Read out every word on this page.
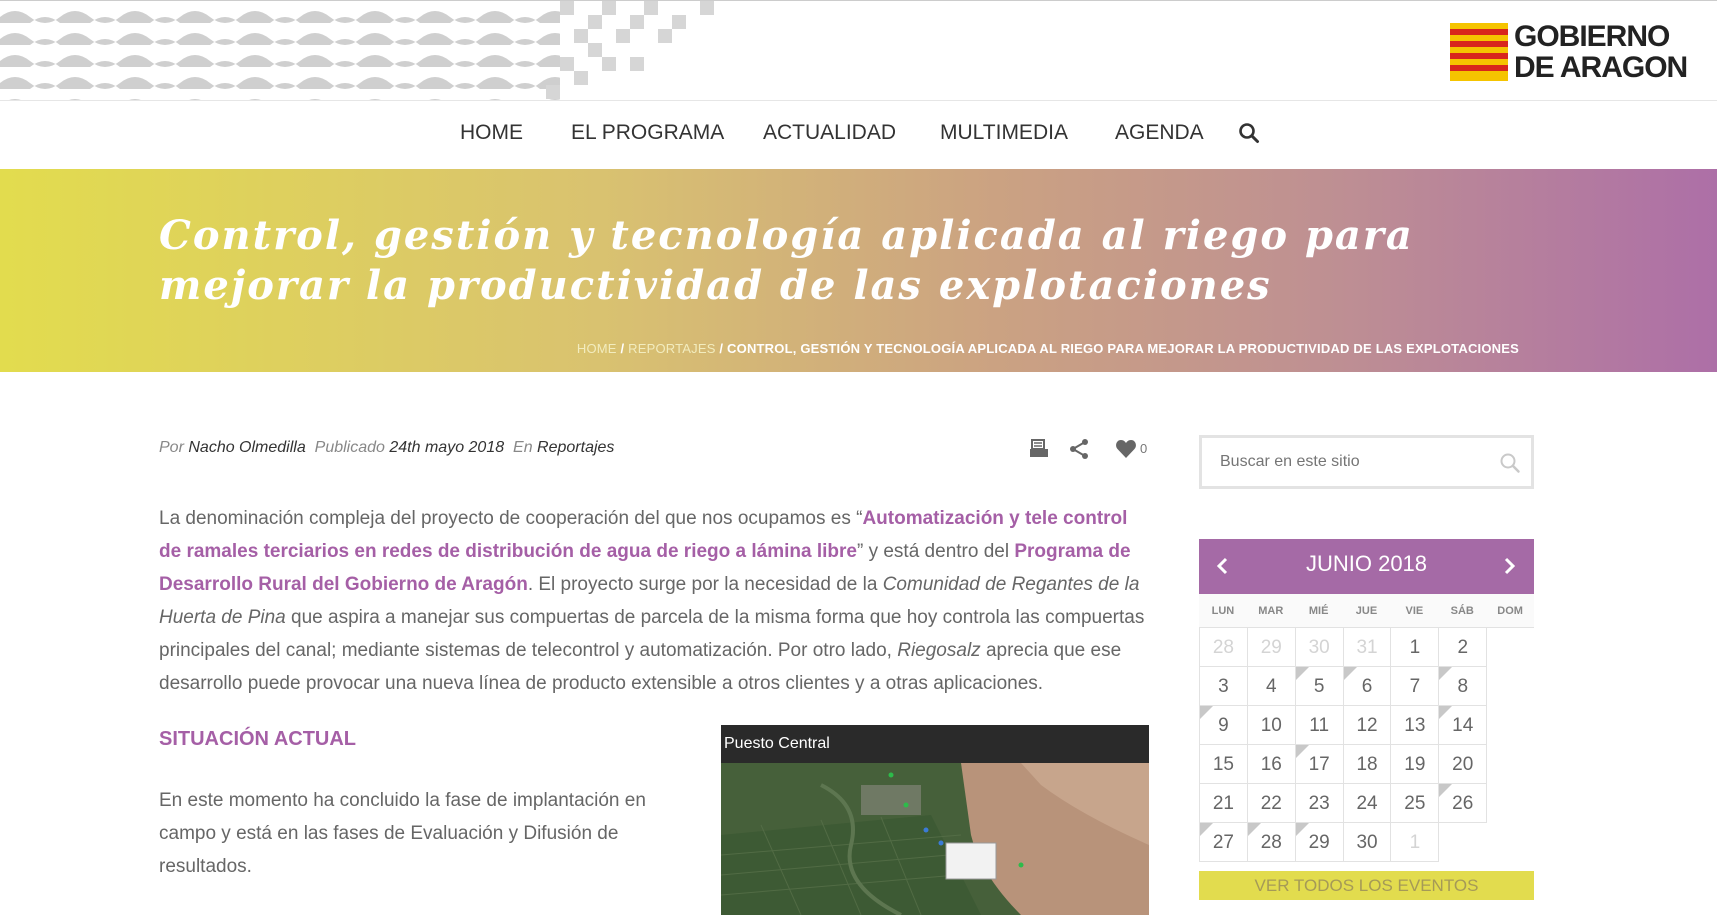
GOBIERNO
DE ARAGON
HOME EL PROGRAMA ACTUALIDAD MULTIMEDIA AGENDA
Control, gestión y tecnología aplicada al riego para mejorar la productividad de las explotaciones
HOME / REPORTAJES / CONTROL, GESTIÓN Y TECNOLOGÍA APLICADA AL RIEGO PARA MEJORAR LA PRODUCTIVIDAD DE LAS EXPLOTACIONES
Por Nacho Olmedilla Publicado 24th mayo 2018 En Reportajes	0
La denominación compleja del proyecto de cooperación del que nos ocupamos es “Automatización y tele control de ramales terciarios en redes de distribución de agua de riego a lámina libre” y está dentro del Programa de Desarrollo Rural del Gobierno de Aragón. El proyecto surge por la necesidad de la Comunidad de Regantes de la Huerta de Pina que aspira a manejar sus compuertas de parcela de la misma forma que hoy controla las compuertas principales del canal; mediante sistemas de telecontrol y automatización. Por otro lado, Riegosalz aprecia que ese desarrollo puede provocar una nueva línea de producto extensible a otros clientes y a otras aplicaciones.
SITUACIÓN ACTUAL

En este momento ha concluido la fase de implantación en campo y está en las fases de Evaluación y Difusión de resultados.

Puesto Central
Buscar en este sitio
JUNIO 2018
LUN	MAR	MIÉ	JUE	VIE	SÁB	DOM
28	29	30	31	1	2
3	4	5	6	7	8
9	10	11	12	13	14
15	16	17	18	19	20
21	22	23	24	25	26
27	28	29	30	1
VER TODOS LOS EVENTOS
